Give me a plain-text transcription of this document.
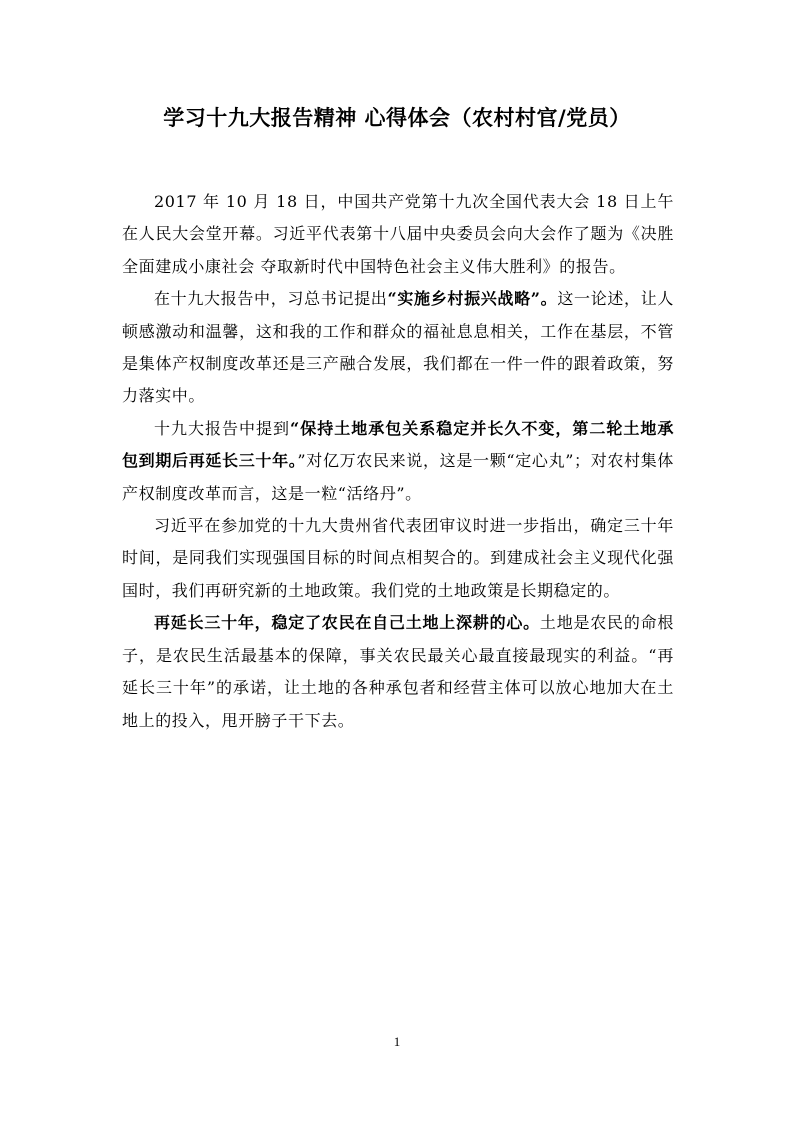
学习十九大报告精神 心得体会（农村村官/党员）

2017 年 10 月 18 日，中国共产党第十九次全国代表大会 18 日上午在人民大会堂开幕。习近平代表第十八届中央委员会向大会作了题为《决胜全面建成小康社会 夺取新时代中国特色社会主义伟大胜利》的报告。

在十九大报告中，习总书记提出“实施乡村振兴战略”。这一论述，让人顿感激动和温馨，这和我的工作和群众的福祉息息相关，工作在基层，不管是集体产权制度改革还是三产融合发展，我们都在一件一件的跟着政策，努力落实中。

十九大报告中提到“保持土地承包关系稳定并长久不变，第二轮土地承包到期后再延长三十年。”对亿万农民来说，这是一颗“定心丸”；对农村集体产权制度改革而言，这是一粒“活络丹”。

习近平在参加党的十九大贵州省代表团审议时进一步指出，确定三十年时间，是同我们实现强国目标的时间点相契合的。到建成社会主义现代化强国时，我们再研究新的土地政策。我们党的土地政策是长期稳定的。

再延长三十年，稳定了农民在自己土地上深耕的心。土地是农民的命根子，是农民生活最基本的保障，事关农民最关心最直接最现实的利益。“再延长三十年”的承诺，让土地的各种承包者和经营主体可以放心地加大在土地上的投入，甩开膀子干下去。

1
